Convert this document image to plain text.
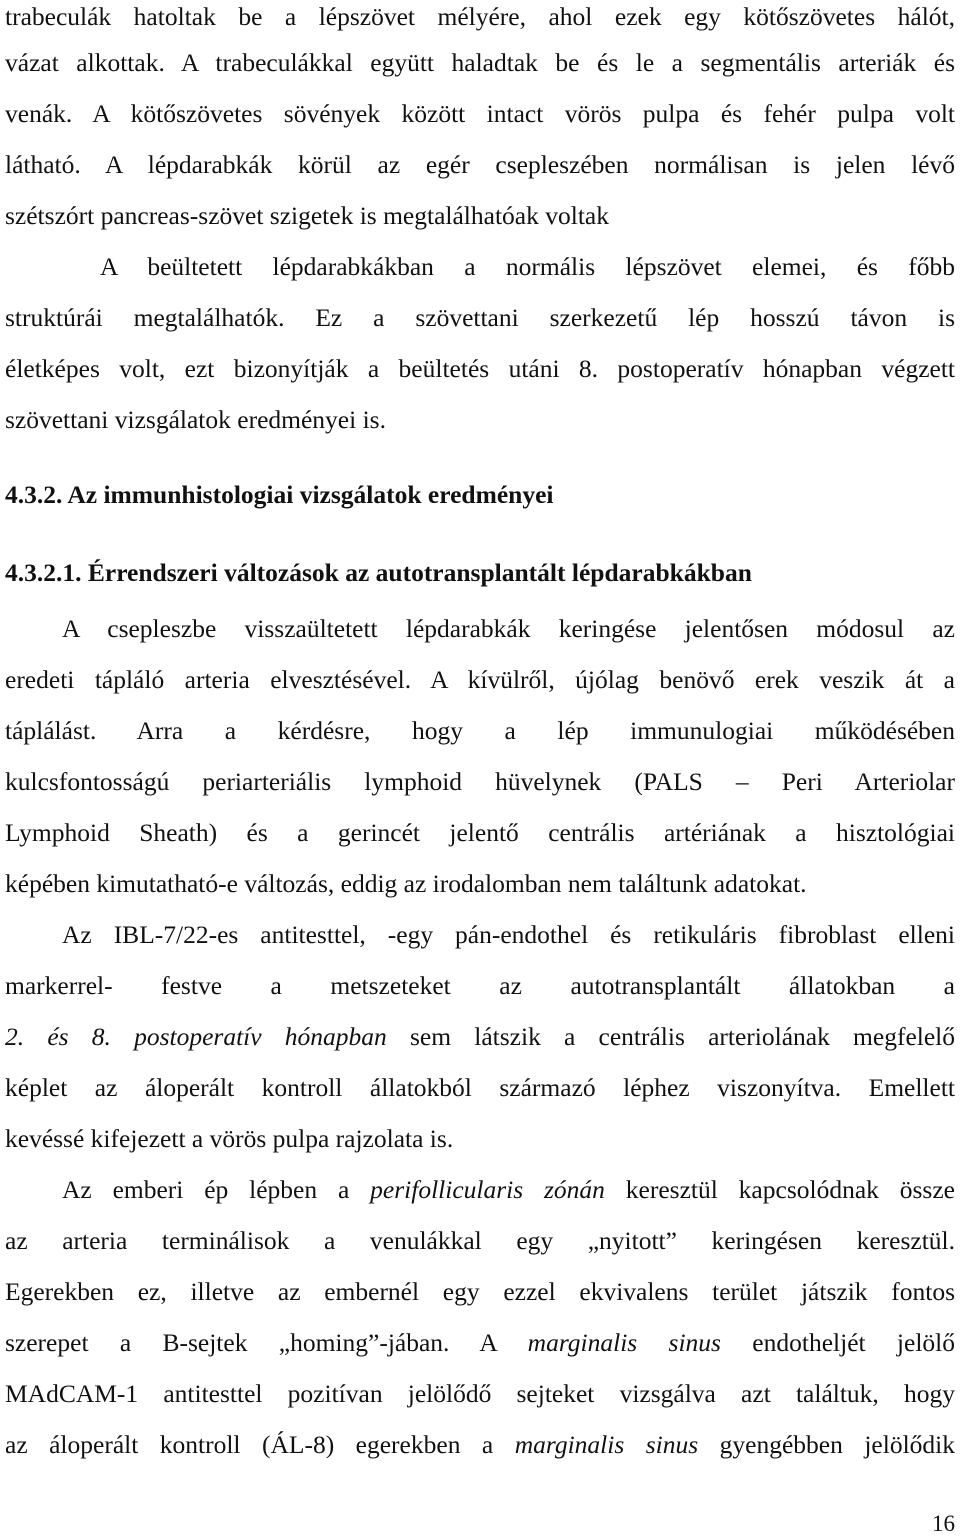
trabeculák hatoltak be a lépszövet mélyére, ahol ezek egy kötőszövetes hálót,
vázat alkottak. A trabeculákkal együtt haladtak be és le a segmentális arteriák és
venák. A kötőszövetes sövények között intact vörös pulpa és fehér pulpa volt
látható. A lépdarabkák körül az egér csepleszében normálisan is jelen lévő
szétszórt pancreas-szövet szigetek is megtalálhatóak voltak
A beültetett lépdarabkákban a normális lépszövet elemei, és főbb
struktúrái megtalálhatók. Ez a szövettani szerkezetű lép hosszú távon is
életképes volt, ezt bizonyítják a beültetés utáni 8. postoperatív hónapban végzett
szövettani vizsgálatok eredményei is.
4.3.2. Az immunhistologiai vizsgálatok eredményei
4.3.2.1. Érrendszeri változások az autotransplantált lépdarabkákban
A csepleszbe visszaültetett lépdarabkák keringése jelentősen módosul az
eredeti tápláló arteria elvesztésével. A kívülről, újólag benövő erek veszik át a
táplálást. Arra a kérdésre, hogy a lép immunulogiai működésében
kulcsfontosságú periarteriális lymphoid hüvelynek (PALS – Peri Arteriolar
Lymphoid Sheath) és a gerincét jelentő centrális artériának a hisztológiai
képében kimutatható-e változás, eddig az irodalomban nem találtunk adatokat.
Az IBL-7/22-es antitesttel, -egy pán-endothel és retikuláris fibroblast elleni
markerrel- festve a metszeteket az autotransplantált állatokban a
2. és 8. postoperatív hónapban sem látszik a centrális arteriolának megfelelő
képlet az áloperált kontroll állatokból származó léphez viszonyítva. Emellett
kevéssé kifejezett a vörös pulpa rajzolata is.
Az emberi ép lépben a perifollicularis zónán keresztül kapcsolódnak össze
az arteria terminálisok a venulákkal egy „nyitott” keringésen keresztül.
Egerekben ez, illetve az embernél egy ezzel ekvivalens terület játszik fontos
szerepet a B-sejtek „homing”-jában. A marginalis sinus endotheljét jelölő
MAdCAM-1 antitesttel pozitívan jelölődő sejteket vizsgálva azt találtuk, hogy
az áloperált kontroll (ÁL-8) egerekben a marginalis sinus gyengébben jelölődik
16
